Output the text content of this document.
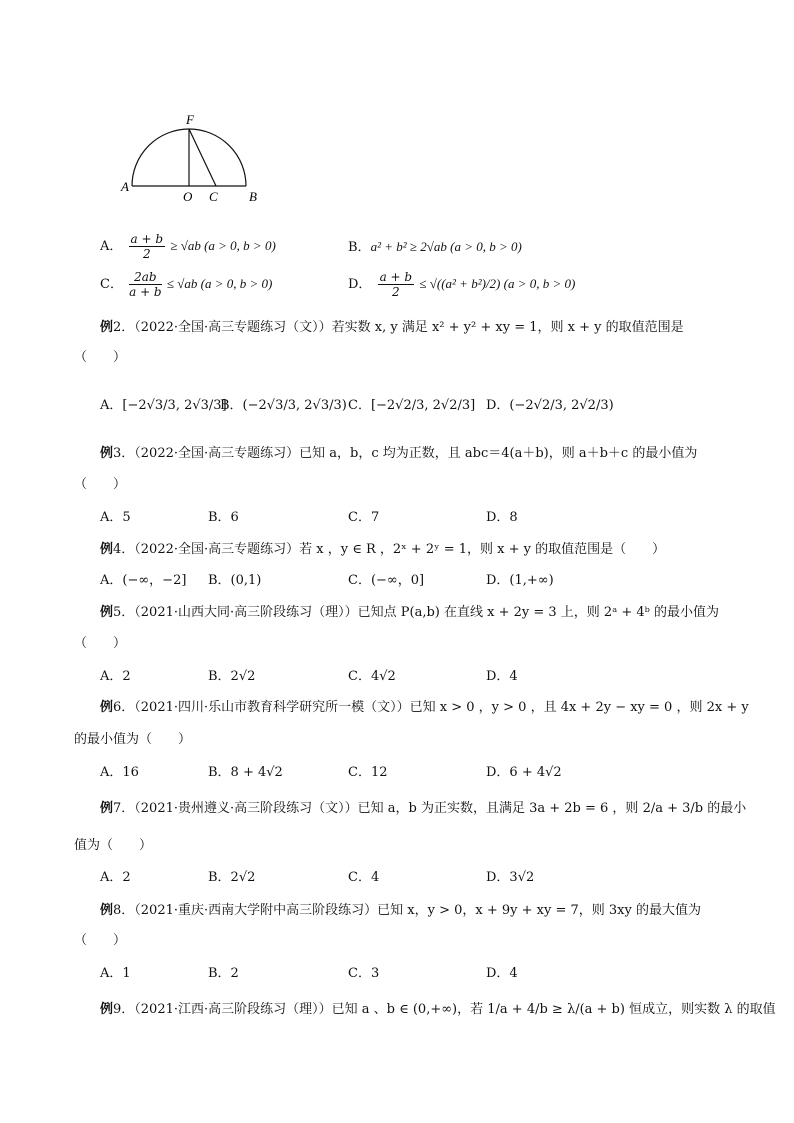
F
A
O C B
A． $\frac{a + b}{2} \ge √ab$ (a > 0, b > 0)	B．a² + b² ≥ 2√ab (a > 0, b > 0)
C． $\frac{2ab}{a + b} \le √ab$ (a > 0, b > 0)	D． $\frac{a + b}{2} \le √((a^2 + b^2)/2) (a > 0$, b > 0)
例2．（2022·全国·高三专题练习（文））若实数 x, y 满足 x² + y² + xy = 1，则 x + y 的取值范围是
（　　）
A．[−2√3/3, 2√3/3]
B．(−2√3/3, 2√3/3) C．[−2√2/3, 2√2/3] D．(−2√2/3, 2√2/3)
例3．（2022·全国·高三专题练习）已知 a，b，c 均为正数，且 abc＝4(a＋b)，则 a＋b＋c 的最小值为
（　　）
A．5	B．6	C．7	D．8
例4．（2022·全国·高三专题练习）若 x ，y ∈ R ，2ˣ + 2ʸ = 1，则 x + y 的取值范围是（　　）
A．(−∞，−2] B．(0,1)	C．(−∞，0]	D．(1,+∞)
例5．（2021·山西大同·高三阶段练习（理））已知点 P(a,b) 在直线 x + 2y = 3 上，则 2ᵃ + 4ᵇ 的最小值为
（　　）
A．2	B．2√2	C．4√2	D．4
例6．（2021·四川·乐山市教育科学研究所一模（文））已知 x > 0 ，y > 0 ，且 4x + 2y − xy = 0 ，则 2x + y
的最小值为（　　）
A．16	B．8 + 4√2	C．12	D．6 + 4√2
例7．（2021·贵州遵义·高三阶段练习（文））已知 a，b 为正实数，且满足 3a + 2b = 6 ，则 2/a + 3/b 的最小
值为（　　）
A．2	B．2√2	C．4	D．3√2
例8．（2021·重庆·西南大学附中高三阶段练习）已知 x，y > 0，x + 9y + xy = 7，则 3xy 的最大值为
（　　）
A．1	B．2	C．3	D．4
例9．（2021·江西·高三阶段练习（理））已知 a 、b ∈ (0,+∞)，若 1/a + 4/b ≥ λ/(a + b) 恒成立，则实数 λ 的取值
